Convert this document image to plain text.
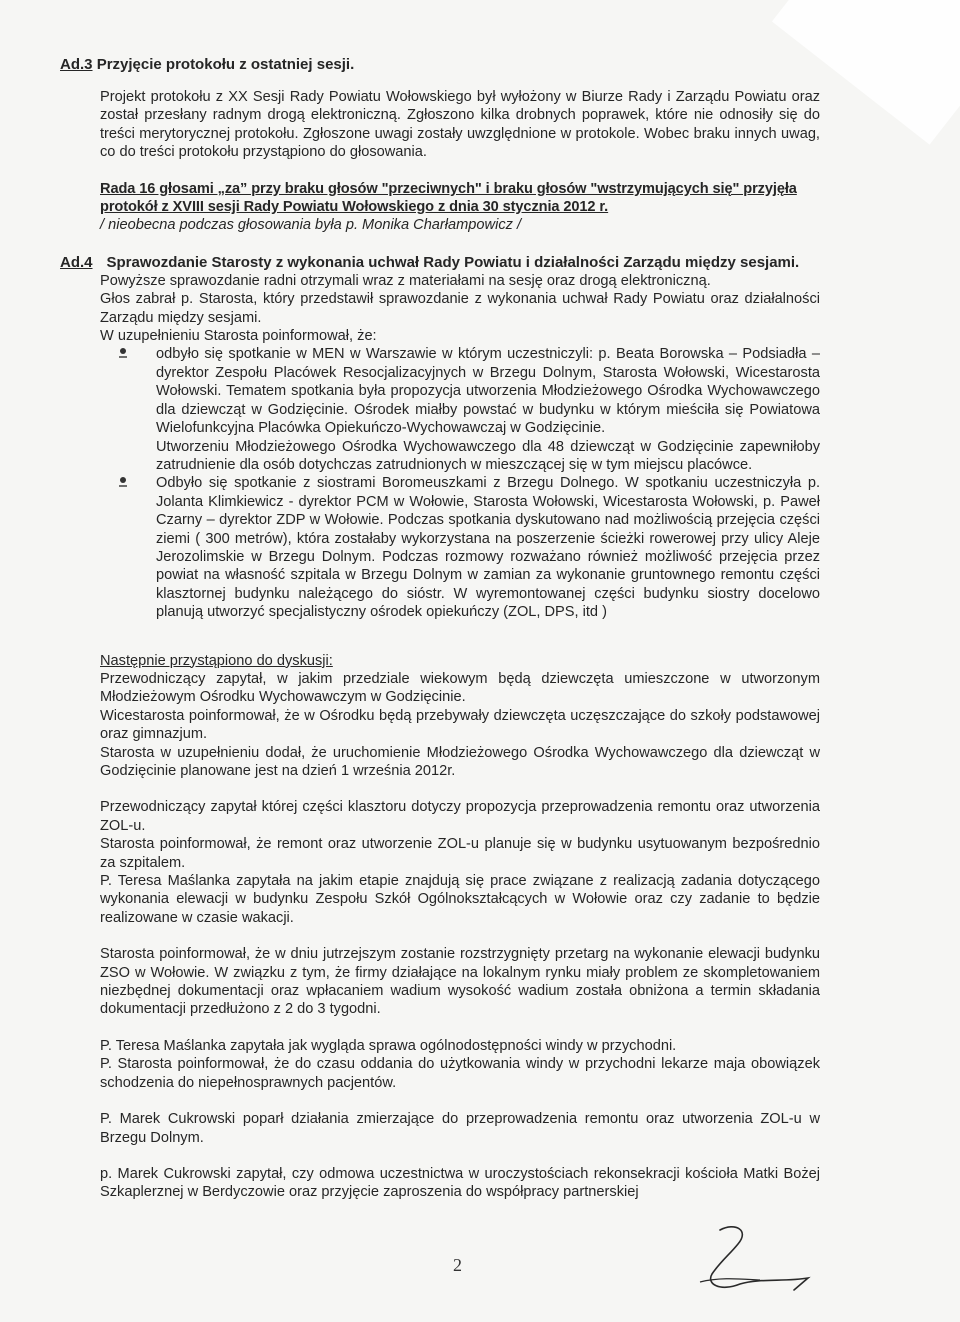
Ad.3 Przyjęcie protokołu z ostatniej sesji.

Projekt protokołu z XX Sesji Rady Powiatu Wołowskiego był wyłożony w Biurze Rady i Zarządu Powiatu oraz został przesłany radnym drogą elektroniczną. Zgłoszono kilka drobnych poprawek, które nie odnosiły się do treści merytorycznej protokołu. Zgłoszone uwagi zostały uwzględnione w protokole. Wobec braku innych uwag, co do treści protokołu przystąpiono do głosowania.

Rada 16 głosami „za” przy braku głosów "przeciwnych" i braku głosów "wstrzymujących się" przyjęła protokół z XVIII sesji Rady Powiatu Wołowskiego z dnia 30 stycznia 2012 r.

/ nieobecna podczas głosowania była p. Monika Charłampowicz /

Ad.4 Sprawozdanie Starosty z wykonania uchwał Rady Powiatu i działalności Zarządu między sesjami.

Powyższe sprawozdanie radni otrzymali wraz z materiałami na sesję oraz drogą elektroniczną.

Głos zabrał p. Starosta, który przedstawił sprawozdanie z wykonania uchwał Rady Powiatu oraz działalności Zarządu między sesjami.

W uzupełnieniu Starosta poinformował, że:

odbyło się spotkanie w MEN w Warszawie w którym uczestniczyli: p. Beata Borowska – Podsiadła – dyrektor Zespołu Placówek Resocjalizacyjnych w Brzegu Dolnym, Starosta Wołowski, Wicestarosta Wołowski. Tematem spotkania była propozycja utworzenia Młodzieżowego Ośrodka Wychowawczego dla dziewcząt w Godzięcinie. Ośrodek miałby powstać w budynku w którym mieściła się Powiatowa Wielofunkcyjna Placówka Opiekuńczo-Wychowawczaj w Godzięcinie.

Utworzeniu Młodzieżowego Ośrodka Wychowawczego dla 48 dziewcząt w Godzięcinie zapewniłoby zatrudnienie dla osób dotychczas zatrudnionych w mieszczącej się w tym miejscu placówce.

Odbyło się spotkanie z siostrami Boromeuszkami z Brzegu Dolnego. W spotkaniu uczestniczyła p. Jolanta Klimkiewicz - dyrektor PCM w Wołowie, Starosta Wołowski, Wicestarosta Wołowski, p. Paweł Czarny – dyrektor ZDP w Wołowie. Podczas spotkania dyskutowano nad możliwością przejęcia części ziemi ( 300 metrów), która zostałaby wykorzystana na poszerzenie ścieżki rowerowej przy ulicy Aleje Jerozolimskie w Brzegu Dolnym. Podczas rozmowy rozważano również możliwość przejęcia przez powiat na własność szpitala w Brzegu Dolnym w zamian za wykonanie gruntownego remontu części klasztornej budynku należącego do sióstr. W wyremontowanej części budynku siostry docelowo planują utworzyć specjalistyczny ośrodek opiekuńczy (ZOL, DPS, itd )

Następnie przystąpiono do dyskusji:

Przewodniczący zapytał, w jakim przedziale wiekowym będą dziewczęta umieszczone w utworzonym Młodzieżowym Ośrodku Wychowawczym w Godzięcinie.

Wicestarosta poinformował, że w Ośrodku będą przebywały dziewczęta uczęszczające do szkoły podstawowej oraz gimnazjum.

Starosta w uzupełnieniu dodał, że uruchomienie Młodzieżowego Ośrodka Wychowawczego dla dziewcząt w Godzięcinie planowane jest na dzień 1 września 2012r.

Przewodniczący zapytał której części klasztoru dotyczy propozycja przeprowadzenia remontu oraz utworzenia ZOL-u.

Starosta poinformował, że remont oraz utworzenie ZOL-u planuje się w budynku usytuowanym bezpośrednio za szpitalem.

P. Teresa Maślanka zapytała na jakim etapie znajdują się prace związane z realizacją zadania dotyczącego wykonania elewacji w budynku Zespołu Szkół Ogólnokształcących w Wołowie oraz czy zadanie to będzie realizowane w czasie wakacji.

Starosta poinformował, że w dniu jutrzejszym zostanie rozstrzygnięty przetarg na wykonanie elewacji budynku ZSO w Wołowie. W związku z tym, że firmy działające na lokalnym rynku miały problem ze skompletowaniem niezbędnej dokumentacji oraz wpłacaniem wadium wysokość wadium została obniżona a termin składania dokumentacji przedłużono z 2 do 3 tygodni.

P. Teresa Maślanka zapytała jak wygląda sprawa ogólnodostępności windy w przychodni.

P. Starosta poinformował, że do czasu oddania do użytkowania windy w przychodni lekarze maja obowiązek schodzenia do niepełnosprawnych pacjentów.

P. Marek Cukrowski poparł działania zmierzające do przeprowadzenia remontu oraz utworzenia ZOL-u w Brzegu Dolnym.

p. Marek Cukrowski zapytał, czy odmowa uczestnictwa w uroczystościach rekonsekracji kościoła Matki Bożej Szkaplerznej w Berdyczowie oraz przyjęcie zaproszenia do współpracy partnerskiej

2
